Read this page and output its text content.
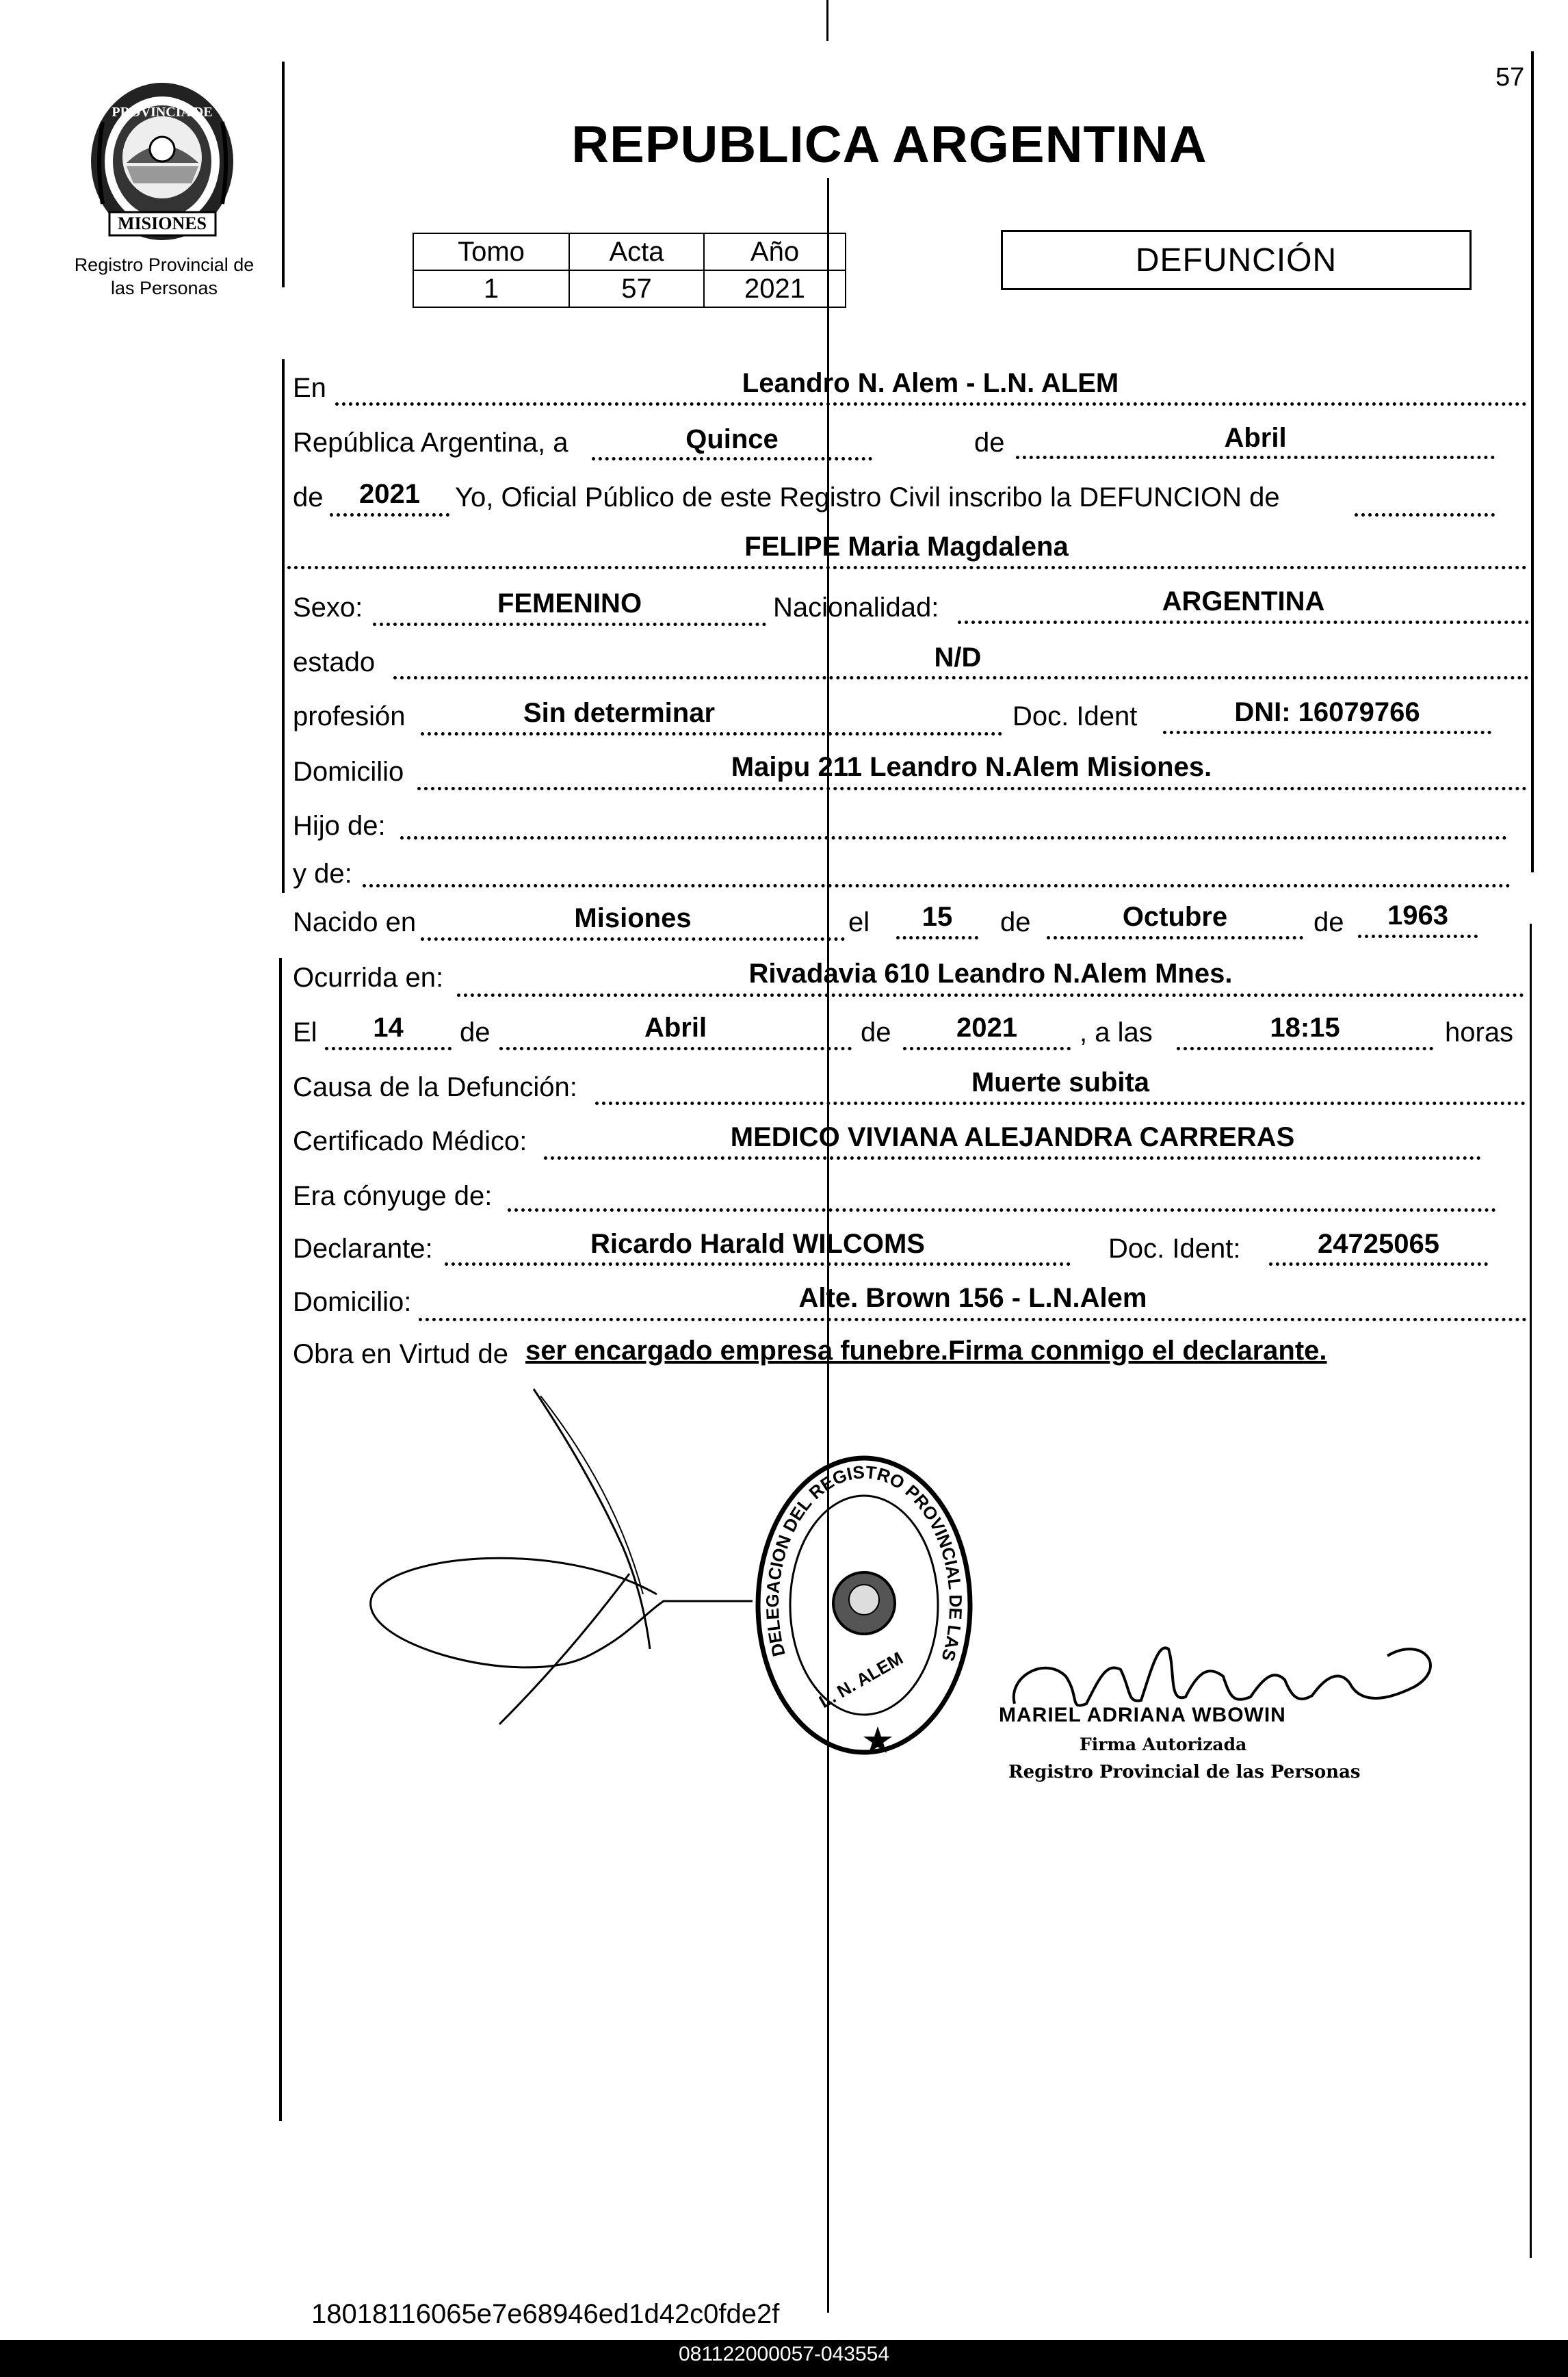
57
PROVINCIA DE
MISIONES
Registro Provincial de
las Personas
REPUBLICA ARGENTINA
Tomo	Acta	Año
1	57	2021
DEFUNCIÓN
En	Leandro N. Alem - L.N. ALEM
República Argentina, a	Quince	de	Abril
de	2021	Yo, Oficial Público de este Registro Civil inscribo la DEFUNCION de
FELIPE Maria Magdalena
Sexo:	FEMENINO	Nacionalidad:	ARGENTINA
estado	N/D
profesión	Sin determinar	Doc. Ident	DNI: 16079766
Domicilio	Maipu 211 Leandro N.Alem Misiones.
Hijo de:
y de:
Nacido en	Misiones	el	15	de	Octubre	de	1963
Ocurrida en:	Rivadavia 610 Leandro N.Alem Mnes.
El	14	de	Abril	de	2021	, a las	18:15	horas
Causa de la Defunción:	Muerte subita
Certificado Médico:	MEDICO VIVIANA ALEJANDRA CARRERAS
Era cónyuge de:
Declarante:	Ricardo Harald WILCOMS	Doc. Ident:	24725065
Domicilio:	Alte. Brown 156 - L.N.Alem
Obra en Virtud de ser encargado empresa funebre.Firma conmigo el declarante.
DELEGACION DEL REGISTRO PROVINCIAL DE LAS
L. N. ALEM
MARIEL ADRIANA WBOWIN
Firma Autorizada
Registro Provincial de las Personas
18018116065e7e68946ed1d42c0fde2f
081122000057-043554
